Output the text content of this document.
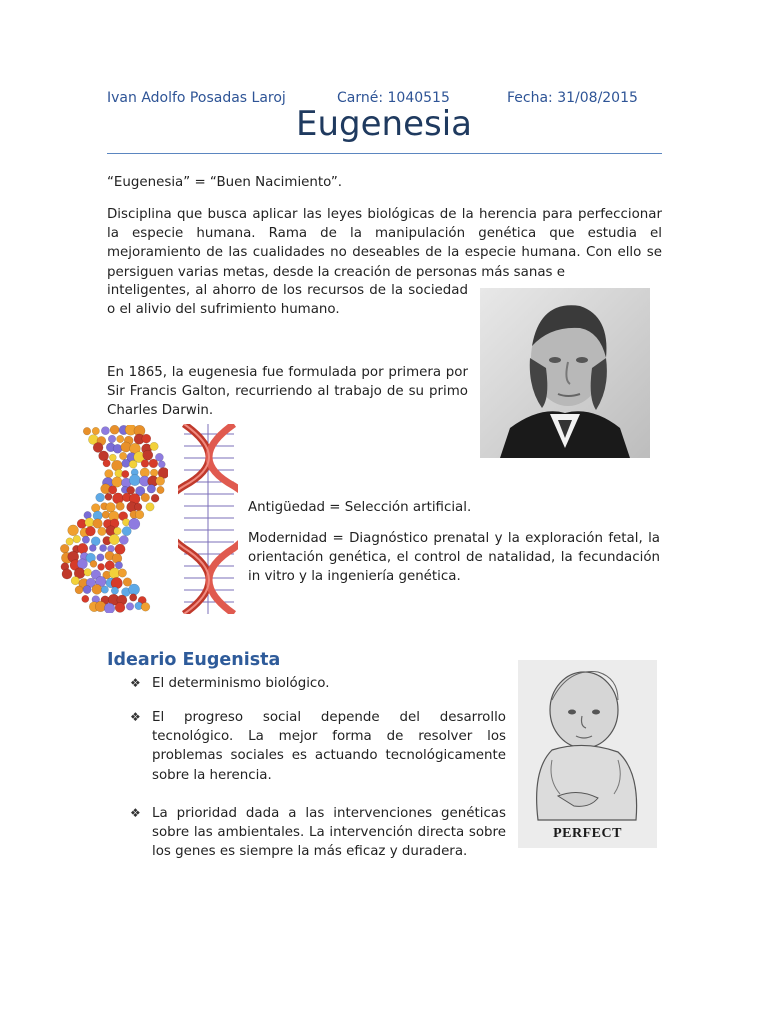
Ivan Adolfo Posadas Laroj	Carné: 1040515	Fecha: 31/08/2015
Eugenesia
“Eugenesia” = “Buen Nacimiento”.
Disciplina que busca aplicar las leyes biológicas de la herencia para perfeccionar la especie humana. Rama de la manipulación genética que estudia el mejoramiento de las cualidades no deseables de la especie humana. Con ello se persiguen varias metas, desde la creación de personas más sanas e
inteligentes, al ahorro de los recursos de la sociedad o el alivio del sufrimiento humano.
En 1865, la eugenesia fue formulada por primera por Sir Francis Galton, recurriendo al trabajo de su primo Charles Darwin.
Antigüedad = Selección artificial.
Modernidad = Diagnóstico prenatal y la exploración fetal, la orientación genética, el control de natalidad, la fecundación in vitro y la ingeniería genética.
Ideario Eugenista
❖ El determinismo biológico.
❖ El progreso social depende del desarrollo tecnológico. La mejor forma de resolver los problemas sociales es actuando tecnológicamente sobre la herencia.
❖ La prioridad dada a las intervenciones genéticas sobre las ambientales. La intervención directa sobre los genes es siempre la más eficaz y duradera.
PERFECT
